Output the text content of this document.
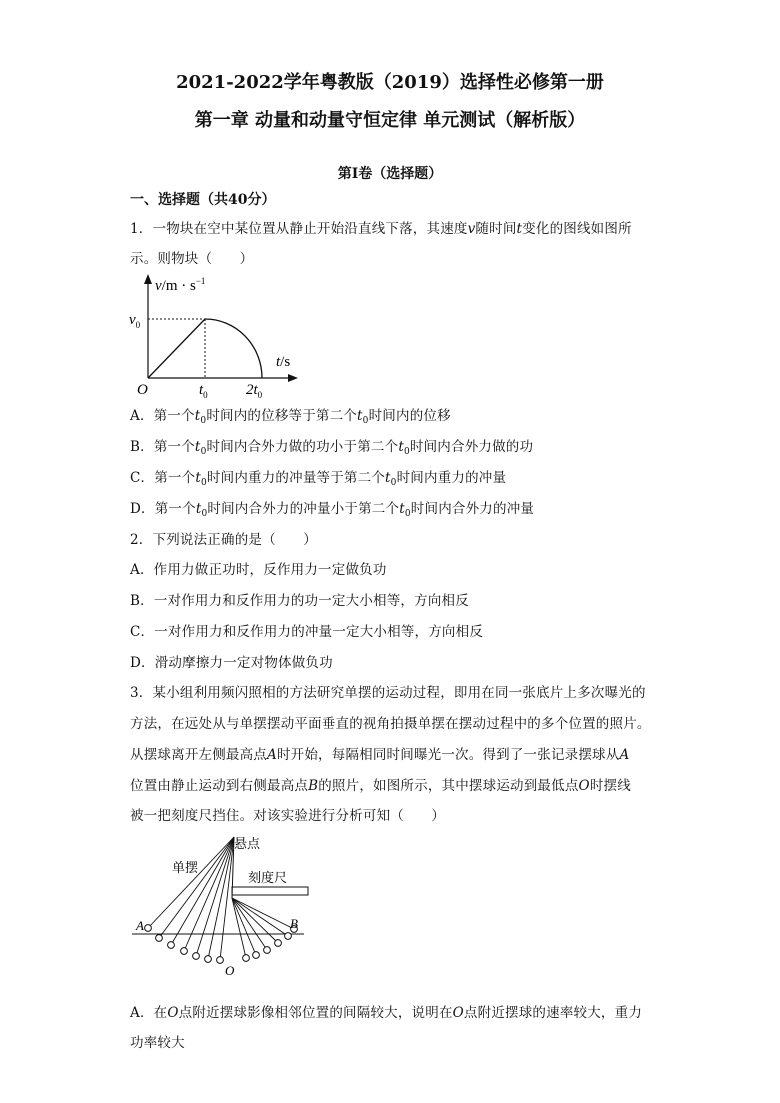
2021-2022学年粤教版（2019）选择性必修第一册
第一章 动量和动量守恒定律 单元测试（解析版）
第Ⅰ卷（选择题）
一、选择题（共40分）
1．一物块在空中某位置从静止开始沿直线下落，其速度v随时间t变化的图线如图所
示。则物块（　　）
$v/m \cdot s^{-1}$
$v_0$
t/s
O	$t_0$	$2t_0$
A．第一个$t_0$时间内的位移等于第二个$t_0$时间内的位移
B．第一个$t_0$时间内合外力做的功小于第二个$t_0$时间内合外力做的功
C．第一个$t_0$时间内重力的冲量等于第二个$t_0$时间内重力的冲量
D．第一个$t_0$时间内合外力的冲量小于第二个$t_0$时间内合外力的冲量
2．下列说法正确的是（　　）
A．作用力做正功时，反作用力一定做负功
B．一对作用力和反作用力的功一定大小相等，方向相反
C．一对作用力和反作用力的冲量一定大小相等，方向相反
D．滑动摩擦力一定对物体做负功
3．某小组利用频闪照相的方法研究单摆的运动过程，即用在同一张底片上多次曝光的
方法，在远处从与单摆摆动平面垂直的视角拍摄单摆在摆动过程中的多个位置的照片。
从摆球离开左侧最高点A时开始，每隔相同时间曝光一次。得到了一张记录摆球从A
位置由静止运动到右侧最高点B的照片，如图所示，其中摆球运动到最低点O时摆线
被一把刻度尺挡住。对该实验进行分析可知（　　）
悬点
单摆
刻度尺
A	B
O
A．在O点附近摆球影像相邻位置的间隔较大，说明在O点附近摆球的速率较大，重力
功率较大
